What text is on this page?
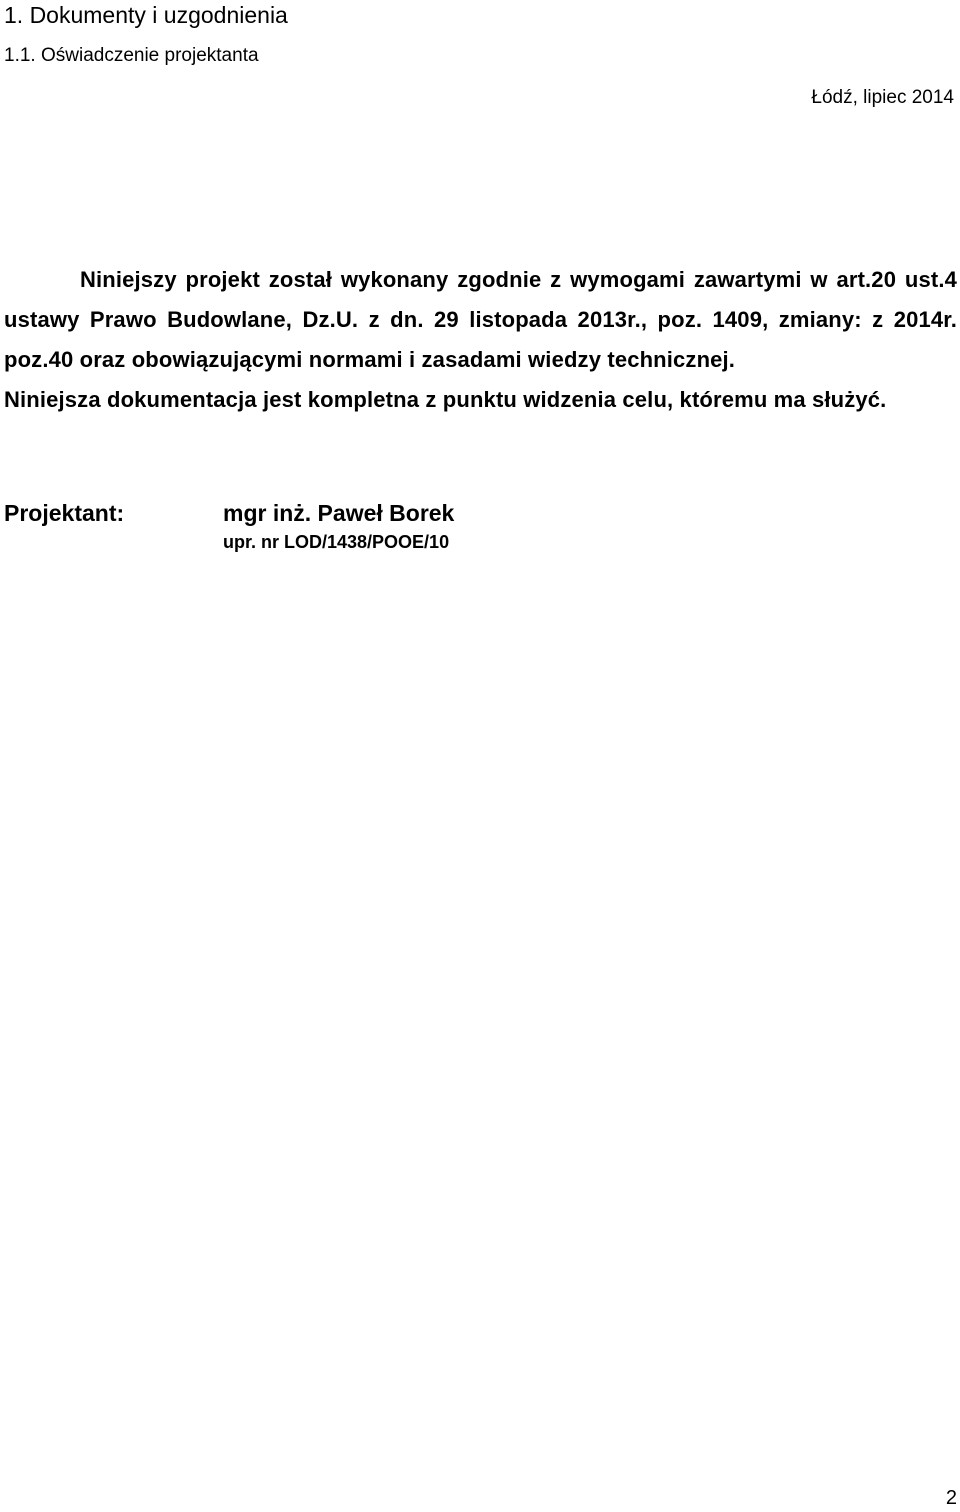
1. Dokumenty i uzgodnienia
1.1. Oświadczenie projektanta
Łódź, lipiec 2014
Niniejszy projekt został wykonany zgodnie z wymogami zawartymi w art.20 ust.4 ustawy Prawo Budowlane, Dz.U. z dn. 29 listopada 2013r., poz. 1409, zmiany: z 2014r. poz.40 oraz obowiązującymi normami i zasadami wiedzy technicznej.
Niniejsza dokumentacja jest kompletna z punktu widzenia celu, któremu ma służyć.
Projektant:	mgr inż. Paweł Borek
upr. nr LOD/1438/POOE/10
2
